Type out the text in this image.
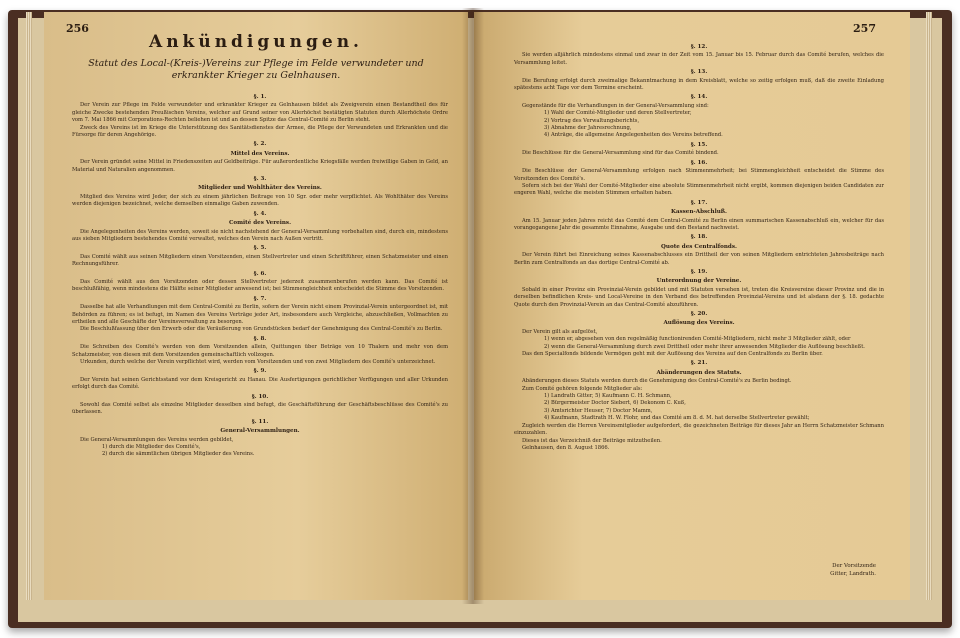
256
Ankündigungen.
Statut des Local-(Kreis-)Vereins zur Pflege im Felde verwundeter und erkrankter Krieger zu Gelnhausen.
§. 1.
Der Verein zur Pflege im Felde verwundeter und erkrankter Krieger zu Gelnhausen bildet als Zweigverein einen Bestandtheil des für gleiche Zwecke bestehenden Preußischen Vereins, welcher auf Grund seiner von Allerhöchst bestätigten Statuten durch Allerhöchste Ordre vom 7. Mai 1866 mit Corporations-Rechten beliehen ist und an dessen Spitze das Central-Comité zu Berlin steht.
Zweck des Vereins ist im Kriege die Unterstützung des Sanitätsdienstes der Armee, die Pflege der Verwundeten und Erkrankten und die Fürsorge für deren Angehörige.
§. 2.
Mittel des Vereins.
Der Verein gründet seine Mittel in Friedenszeiten auf Geldbeiträge. Für außerordentliche Kriegsfälle werden freiwillige Gaben in Geld, an Material und Naturalien angenommen.
§. 3.
Mitglieder und Wohlthäter des Vereins.
Mitglied des Vereins wird Jeder, der sich zu einem jährlichen Beitrage von 10 Sgr. oder mehr verpflichtet. Als Wohlthäter des Vereins werden diejenigen bezeichnet, welche demselben einmalige Gaben zuwenden.
§. 4.
Comité des Vereins.
Die Angelegenheiten des Vereins werden, soweit sie nicht nachstehend der General-Versammlung vorbehalten sind, durch ein, mindestens aus sieben Mitgliedern bestehendes Comité verwaltet, welches den Verein nach Außen vertritt.
§. 5.
Das Comité wählt aus seinen Mitgliedern einen Vorsitzenden, einen Stellvertreter und einen Schriftführer, einen Schatzmeister und einen Rechnungsführer.
§. 6.
Das Comité wählt aus den Vorsitzenden oder dessen Stellvertreter jederzeit zusammenberufen werden kann. Das Comité ist beschlußfähig, wenn mindestens die Hälfte seiner Mitglieder anwesend ist; bei Stimmengleichheit entscheidet die Stimme des Vorsitzenden.
§. 7.
Dasselbe hat alle Verhandlungen mit dem Central-Comité zu Berlin, sofern der Verein nicht einem Provinzial-Verein untergeordnet ist, mit Behörden zu führen; es ist befugt, im Namen des Vereins Verträge jeder Art, insbesondere auch Vergleiche, abzuschließen, Vollmachten zu ertheilen und alle Geschäfte der Vereinsverwaltung zu besorgen.
Die Beschlußfassung über den Erwerb oder die Veräußerung von Grundstücken bedarf der Genehmigung des Central-Comité's zu Berlin.
§. 8.
Die Schreiben des Comité's werden von dem Vorsitzenden allein, Quittungen über Beträge von 10 Thalern und mehr von dem Schatzmeister, von diesen mit dem Vorsitzenden gemeinschaftlich vollzogen.
Urkunden, durch welche der Verein verpflichtet wird, werden vom Vorsitzenden und von zwei Mitgliedern des Comité's unterzeichnet.
§. 9.
Der Verein hat seinen Gerichtsstand vor dem Kreisgericht zu Hanau. Die Ausfertigungen gerichtlicher Verfügungen und aller Urkunden erfolgt durch das Comité.
§. 10.
Sowohl das Comité selbst als einzelne Mitglieder desselben sind befugt, die Geschäftsführung der Geschäftsbeschlüsse des Comité's zu überlassen.
§. 11.
General-Versammlungen.
Die General-Versammlungen des Vereins werden gebildet,
1) durch die Mitglieder des Comité's,
2) durch die sämmtlichen übrigen Mitglieder des Vereins.
257
§. 12.
Sie werden alljährlich mindestens einmal und zwar in der Zeit vom 15. Januar bis 15. Februar durch das Comité berufen, welches die Versammlung leitet.
§. 13.
Die Berufung erfolgt durch zweimalige Bekanntmachung in dem Kreisblatt, welche so zeitig erfolgen muß, daß die zweite Einladung spätestens acht Tage vor dem Termine erscheint.
§. 14.
Gegenstände für die Verhandlungen in der General-Versammlung sind:
1) Wahl der Comité-Mitglieder und deren Stellvertreter,
2) Vortrag des Verwaltungsberichts,
3) Abnahme der Jahresrechnung,
4) Anträge, die allgemeine Angelegenheiten des Vereins betreffend.
§. 15.
Die Beschlüsse für die General-Versammlung sind für das Comité bindend.
§. 16.
Die Beschlüsse der General-Versammlung erfolgen nach Stimmenmehrheit; bei Stimmengleichheit entscheidet die Stimme des Vorsitzenden des Comité's.
Sofern sich bei der Wahl der Comité-Mitglieder eine absolute Stimmenmehrheit nicht ergibt, kommen diejenigen beiden Candidaten zur engeren Wahl, welche die meisten Stimmen erhalten haben.
§. 17.
Kassen-Abschluß.
Am 15. Januar jeden Jahres reicht das Comité dem Central-Comité zu Berlin einen summarischen Kassenabschluß ein, welcher für das vorangegangene Jahr die gesammte Einnahme, Ausgabe und den Bestand nachweist.
§. 18.
Quote des Centralfonds.
Der Verein führt bei Einreichung seines Kassenabschlusses ein Drittheil der von seinen Mitgliedern entrichteten Jahresbeiträge nach Berlin zum Centralfonds an das dortige Central-Comité ab.
§. 19.
Unterordnung der Vereine.
Sobald in einer Provinz ein Provinzial-Verein gebildet und mit Statuten versehen ist, treten die Kreisvereine dieser Provinz und die in derselben befindlichen Kreis- und Local-Vereine in den Verband des betreffenden Provinzial-Vereins und ist alsdann der §. 18. gedachte Quote durch den Provinzial-Verein an das Central-Comité abzuführen.
§. 20.
Auflösung des Vereins.
Der Verein gilt als aufgelöst,
1) wenn er, abgesehen von den regelmäßig functionirenden Comité-Mitgliedern, nicht mehr 3 Mitglieder zählt, oder
2) wenn die General-Versammlung durch zwei Drittheil oder mehr ihrer anwesenden Mitglieder die Auflösung beschließt.
Das den Specialfonds bildende Vermögen geht mit der Auflösung des Vereins auf den Centralfonds zu Berlin über.
§. 21.
Abänderungen des Statuts.
Abänderungen dieses Statuts werden durch die Genehmigung des Central-Comité's zu Berlin bedingt.
Zum Comité gehören folgende Mitglieder als:
1) Landrath Gitter, 5) Kaufmann C. H. Schmann,
2) Bürgermeister Doctor Siebert, 6) Dekonom C. Kuß,
3) Amtsrichter Heuser, 7) Doctor Mamm,
4) Kaufmann, Stadtrath H. W. Flohr, und das Comité am 8. d. M. hat derselbe Stellvertreter gewählt;
Zugleich werden die Herren Vereinsmitglieder aufgefordert, die gezeichneten Beiträge für dieses Jahr an Herrn Schatzmeister Schmann einzuzahlen.
Dieses ist das Verzeichniß der Beiträge mitzutheilen.
Gelnhausen, den 8. August 1866.
Der Vorsitzende
Gitter, Landrath.
